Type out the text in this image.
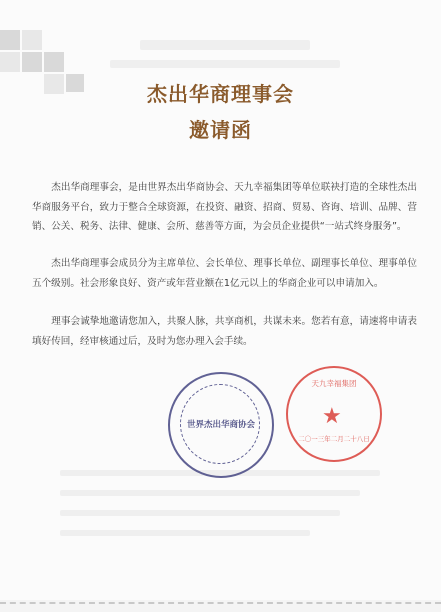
杰出华商理事会
邀请函
杰出华商理事会，是由世界杰出华商协会、天九幸福集团等单位联袂打造的全球性杰出华商服务平台，致力于整合全球资源，在投资、融资、招商、贸易、咨询、培训、品牌、营销、公关、税务、法律、健康、会所、慈善等方面，为会员企业提供“一站式终身服务”。
杰出华商理事会成员分为主席单位、会长单位、理事长单位、副理事长单位、理事单位五个级别。社会形象良好、资产或年营业额在1亿元以上的华商企业可以申请加入。
理事会诚挚地邀请您加入，共聚人脉，共享商机，共谋未来。您若有意，请速将申请表填好传回，经审核通过后，及时为您办理入会手续。
世界杰出华商协会
天九幸福集团
★
二〇一三年二月二十八日
